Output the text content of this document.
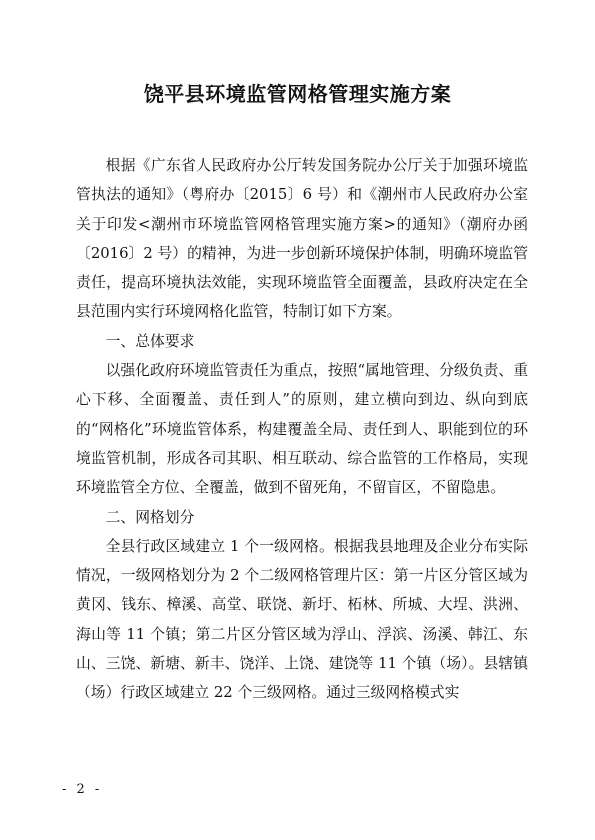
饶平县环境监管网格管理实施方案

根据《广东省人民政府办公厅转发国务院办公厅关于加强环境监管执法的通知》（粤府办〔2015〕6 号）和《潮州市人民政府办公室关于印发<潮州市环境监管网格管理实施方案>的通知》（潮府办函〔2016〕2 号）的精神，为进一步创新环境保护体制，明确环境监管责任，提高环境执法效能，实现环境监管全面覆盖，县政府决定在全县范围内实行环境网格化监管，特制订如下方案。

一、总体要求

以强化政府环境监管责任为重点，按照“属地管理、分级负责、重心下移、全面覆盖、责任到人”的原则，建立横向到边、纵向到底的“网格化”环境监管体系，构建覆盖全局、责任到人、职能到位的环境监管机制，形成各司其职、相互联动、综合监管的工作格局，实现环境监管全方位、全覆盖，做到不留死角，不留盲区，不留隐患。

二、网格划分

全县行政区域建立 1 个一级网格。根据我县地理及企业分布实际情况，一级网格划分为 2 个二级网格管理片区：第一片区分管区域为黄冈、钱东、樟溪、高堂、联饶、新圩、柘林、所城、大埕、洪洲、海山等 11 个镇；第二片区分管区域为浮山、浮滨、汤溪、韩江、东山、三饶、新塘、新丰、饶洋、上饶、建饶等 11 个镇（场）。县辖镇（场）行政区域建立 22 个三级网格。通过三级网格模式实

- 2 -
